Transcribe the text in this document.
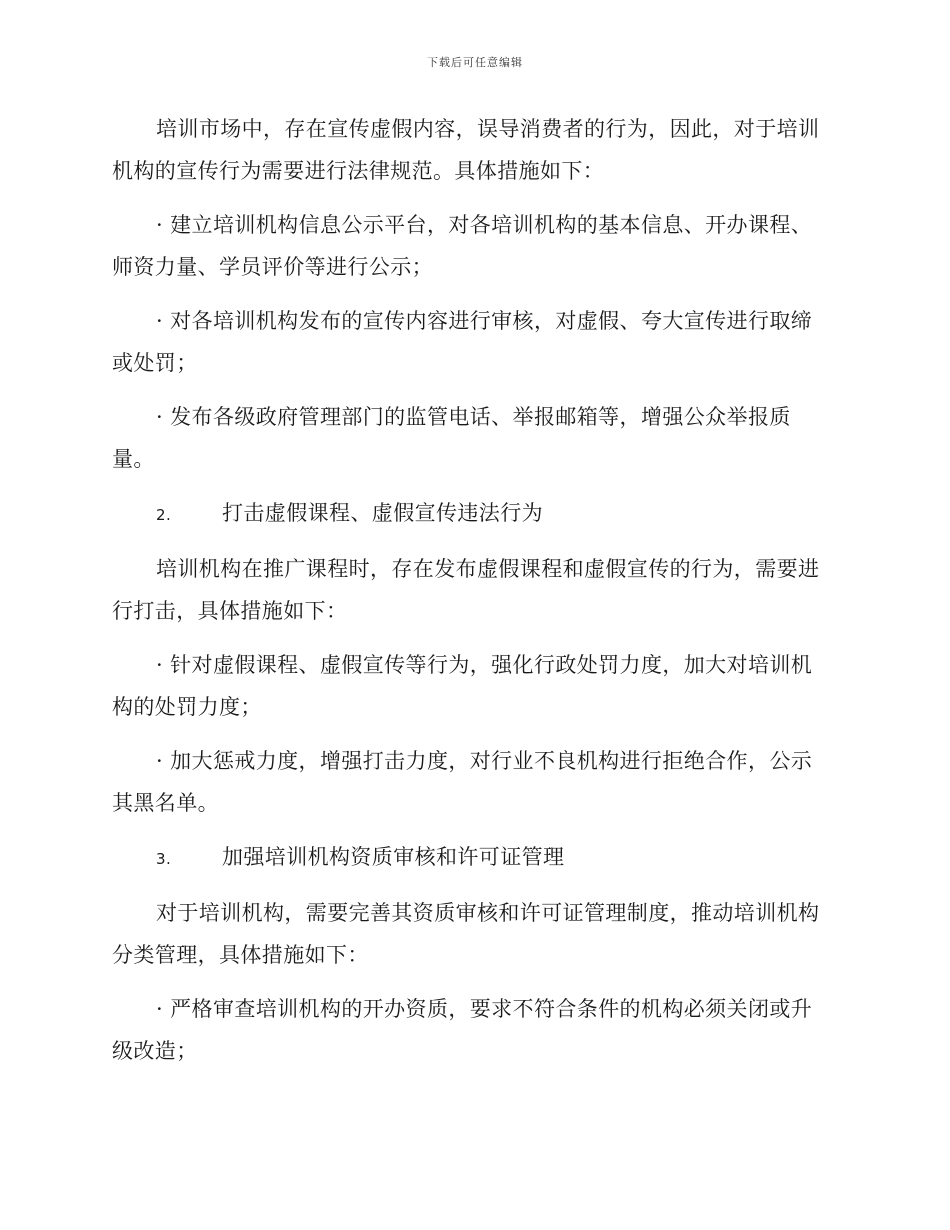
下载后可任意编辑

培训市场中，存在宣传虚假内容，误导消费者的行为，因此，对于培训机构的宣传行为需要进行法律规范。具体措施如下：

· 建立培训机构信息公示平台，对各培训机构的基本信息、开办课程、师资力量、学员评价等进行公示；

· 对各培训机构发布的宣传内容进行审核，对虚假、夸大宣传进行取缔或处罚；

· 发布各级政府管理部门的监管电话、举报邮箱等，增强公众举报质量。

2.	打击虚假课程、虚假宣传违法行为

培训机构在推广课程时，存在发布虚假课程和虚假宣传的行为，需要进行打击，具体措施如下：

· 针对虚假课程、虚假宣传等行为，强化行政处罚力度，加大对培训机构的处罚力度；

· 加大惩戒力度，增强打击力度，对行业不良机构进行拒绝合作，公示其黑名单。

3.	加强培训机构资质审核和许可证管理

对于培训机构，需要完善其资质审核和许可证管理制度，推动培训机构分类管理，具体措施如下：

· 严格审查培训机构的开办资质，要求不符合条件的机构必须关闭或升级改造；
